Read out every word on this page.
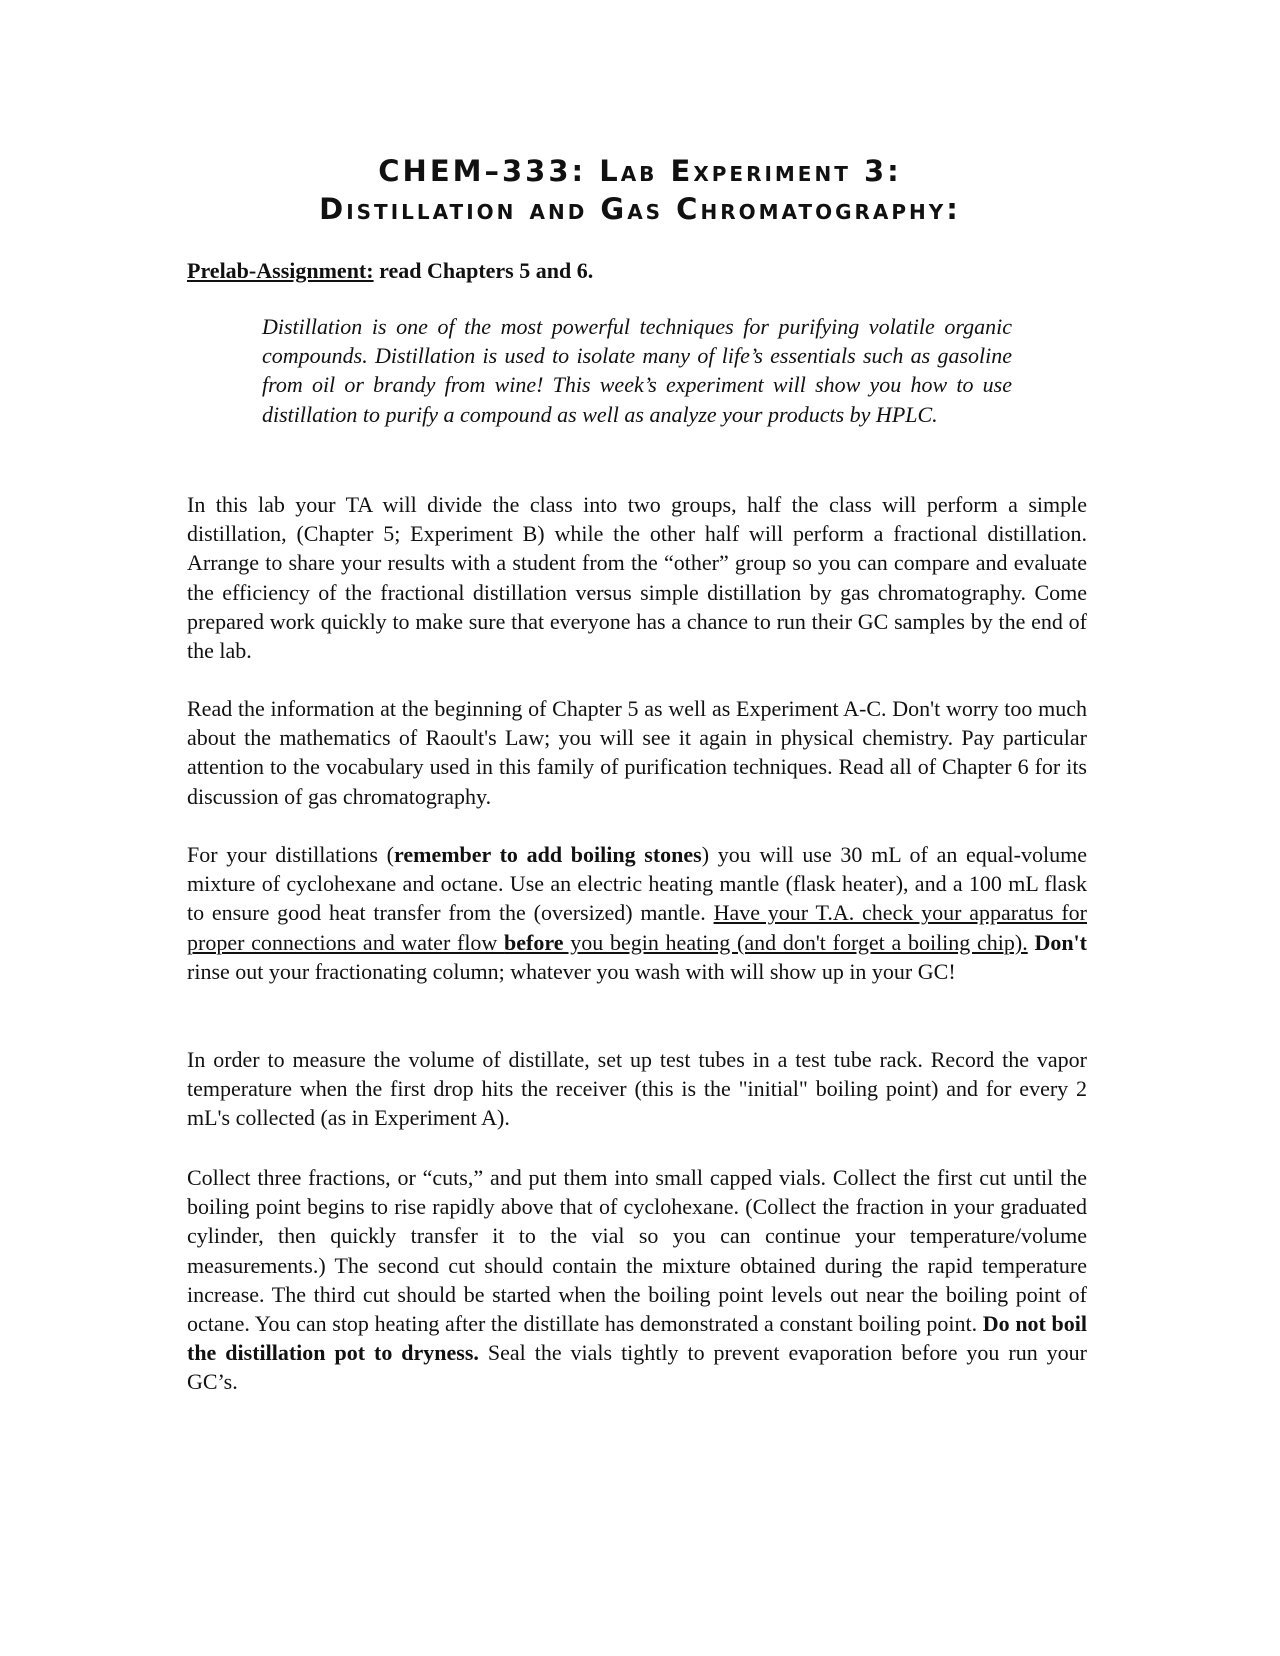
CHEM–333: Lab Experiment 3:
Distillation and Gas Chromatography:
Prelab-Assignment: read Chapters 5 and 6.
Distillation is one of the most powerful techniques for purifying volatile organic compounds. Distillation is used to isolate many of life’s essentials such as gasoline from oil or brandy from wine! This week’s experiment will show you how to use distillation to purify a compound as well as analyze your products by HPLC.
In this lab your TA will divide the class into two groups, half the class will perform a simple distillation, (Chapter 5; Experiment B) while the other half will perform a fractional distillation. Arrange to share your results with a student from the “other” group so you can compare and evaluate the efficiency of the fractional distillation versus simple distillation by gas chromatography. Come prepared work quickly to make sure that everyone has a chance to run their GC samples by the end of the lab.
Read the information at the beginning of Chapter 5 as well as Experiment A-C. Don't worry too much about the mathematics of Raoult's Law; you will see it again in physical chemistry. Pay particular attention to the vocabulary used in this family of purification techniques. Read all of Chapter 6 for its discussion of gas chromatography.
For your distillations (remember to add boiling stones) you will use 30 mL of an equal-volume mixture of cyclohexane and octane. Use an electric heating mantle (flask heater), and a 100 mL flask to ensure good heat transfer from the (oversized) mantle. Have your T.A. check your apparatus for proper connections and water flow before you begin heating (and don't forget a boiling chip). Don't rinse out your fractionating column; whatever you wash with will show up in your GC!
In order to measure the volume of distillate, set up test tubes in a test tube rack. Record the vapor temperature when the first drop hits the receiver (this is the "initial" boiling point) and for every 2 mL's collected (as in Experiment A).
Collect three fractions, or “cuts,” and put them into small capped vials. Collect the first cut until the boiling point begins to rise rapidly above that of cyclohexane. (Collect the fraction in your graduated cylinder, then quickly transfer it to the vial so you can continue your temperature/volume measurements.) The second cut should contain the mixture obtained during the rapid temperature increase. The third cut should be started when the boiling point levels out near the boiling point of octane. You can stop heating after the distillate has demonstrated a constant boiling point. Do not boil the distillation pot to dryness. Seal the vials tightly to prevent evaporation before you run your GC’s.
